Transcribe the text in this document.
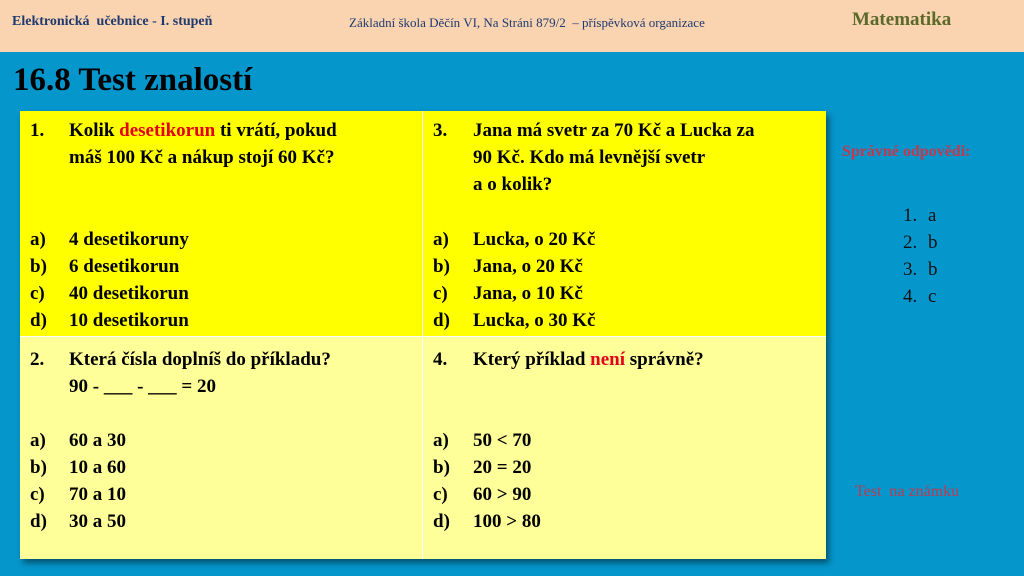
Elektronická  učebnice - I. stupeň	Základní škola Děčín VI, Na Stráni 879/2  – příspěvková organizace	Matematika
16.8 Test znalostí
1. Kolik desetikorun ti vrátí, pokud
máš 100 Kč a nákup stojí 60 Kč?
a) 4 desetikoruny
b) 6 desetikorun
c) 40 desetikorun
d) 10 desetikorun
3. Jana má svetr za 70 Kč a Lucka za
90 Kč. Kdo má levnější svetr
a o kolik?
a) Lucka, o 20 Kč
b) Jana, o 20 Kč
c) Jana, o 10 Kč
d) Lucka, o 30 Kč
2. Která čísla doplníš do příkladu?
90 - ___ - ___ = 20
a) 60 a 30
b) 10 a 60
c) 70 a 10
d) 30 a 50
4. Který příklad není správně?
a) 50 < 70
b) 20 = 20
c) 60 > 90
d) 100 > 80
Správné odpovědi:
1. a
2. b
3. b
4. c
Test  na známku
